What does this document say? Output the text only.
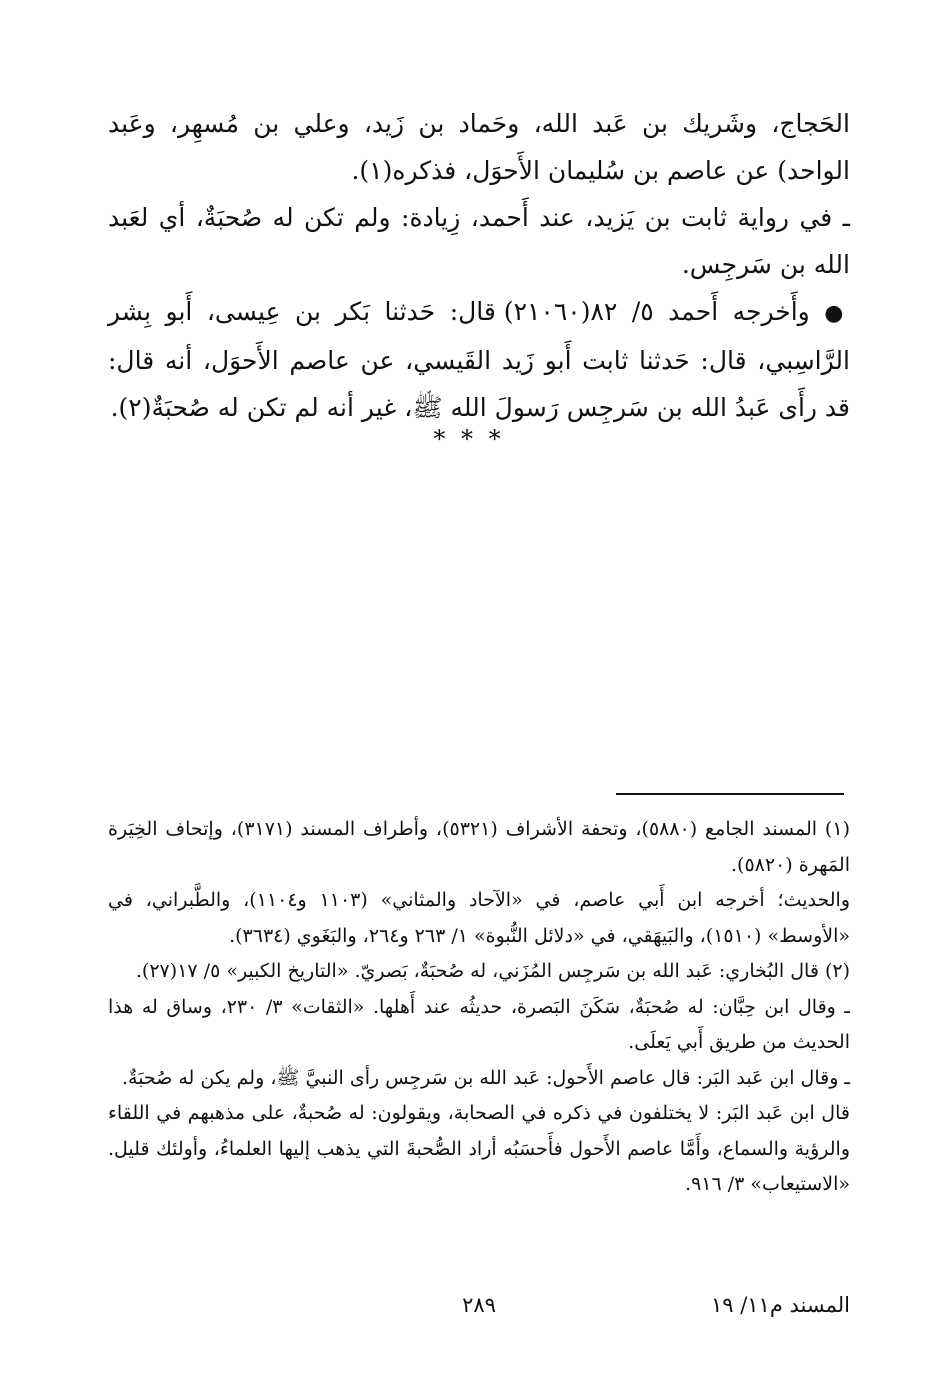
الحَجاج، وشَريك بن عَبد الله، وحَماد بن زَيد، وعلي بن مُسهِر، وعَبد الواحد) عن عاصم بن سُليمان الأَحوَل، فذكره(١).

ـ في رواية ثابت بن يَزيد، عند أَحمد، زِيادة: ولم تكن له صُحبَةٌ، أي لعَبد الله بن سَرجِس.

● وأَخرجه أَحمد ٥/ ٨٢(٢١٠٦٠) قال: حَدثنا بَكر بن عِيسى، أَبو بِشر الرَّاسِبي، قال: حَدثنا ثابت أَبو زَيد القَيسي، عن عاصم الأَحوَل، أنه قال: قد رأَى عَبدُ الله بن سَرجِس رَسولَ الله ﷺ، غير أنه لم تكن له صُحبَةٌ(٢).

* * *

(١) المسند الجامع (٥٨٨٠)، وتحفة الأشراف (٥٣٢١)، وأطراف المسند (٣١٧١)، وإتحاف الخِيَرة المَهرة (٥٨٢٠).

والحديث؛ أخرجه ابن أَبي عاصم، في «الآحاد والمثاني» (١١٠٣ و١١٠٤)، والطَّبراني، في «الأوسط» (١٥١٠)، والبَيهَقي، في «دلائل النُّبوة» ١/ ٢٦٣ و٢٦٤، والبَغَوي (٣٦٣٤).

(٢) قال البُخاري: عَبد الله بن سَرجِس المُزَني، له صُحبَةٌ، بَصريّ. «التاريخ الكبير» ٥/ ١٧(٢٧).

ـ وقال ابن حِبَّان: له صُحبَةٌ، سَكَنَ البَصرة، حديثُه عند أَهلها. «الثقات» ٣/ ٢٣٠، وساق له هذا الحديث من طريق أَبي يَعلَى.

ـ وقال ابن عَبد البَر: قال عاصم الأَحول: عَبد الله بن سَرجِس رأى النبيَّ ﷺ، ولم يكن له صُحبَةٌ.

قال ابن عَبد البَر: لا يختلفون في ذكره في الصحابة، ويقولون: له صُحبةٌ، على مذهبهم في اللقاء والرؤية والسماع، وأَمَّا عاصم الأَحول فأَحسَبُه أراد الصُّحبةَ التي يذهب إليها العلماءُ، وأولئك قليل. «الاستيعاب» ٣/ ٩١٦.

المسند م١١/ ١٩
٢٨٩
